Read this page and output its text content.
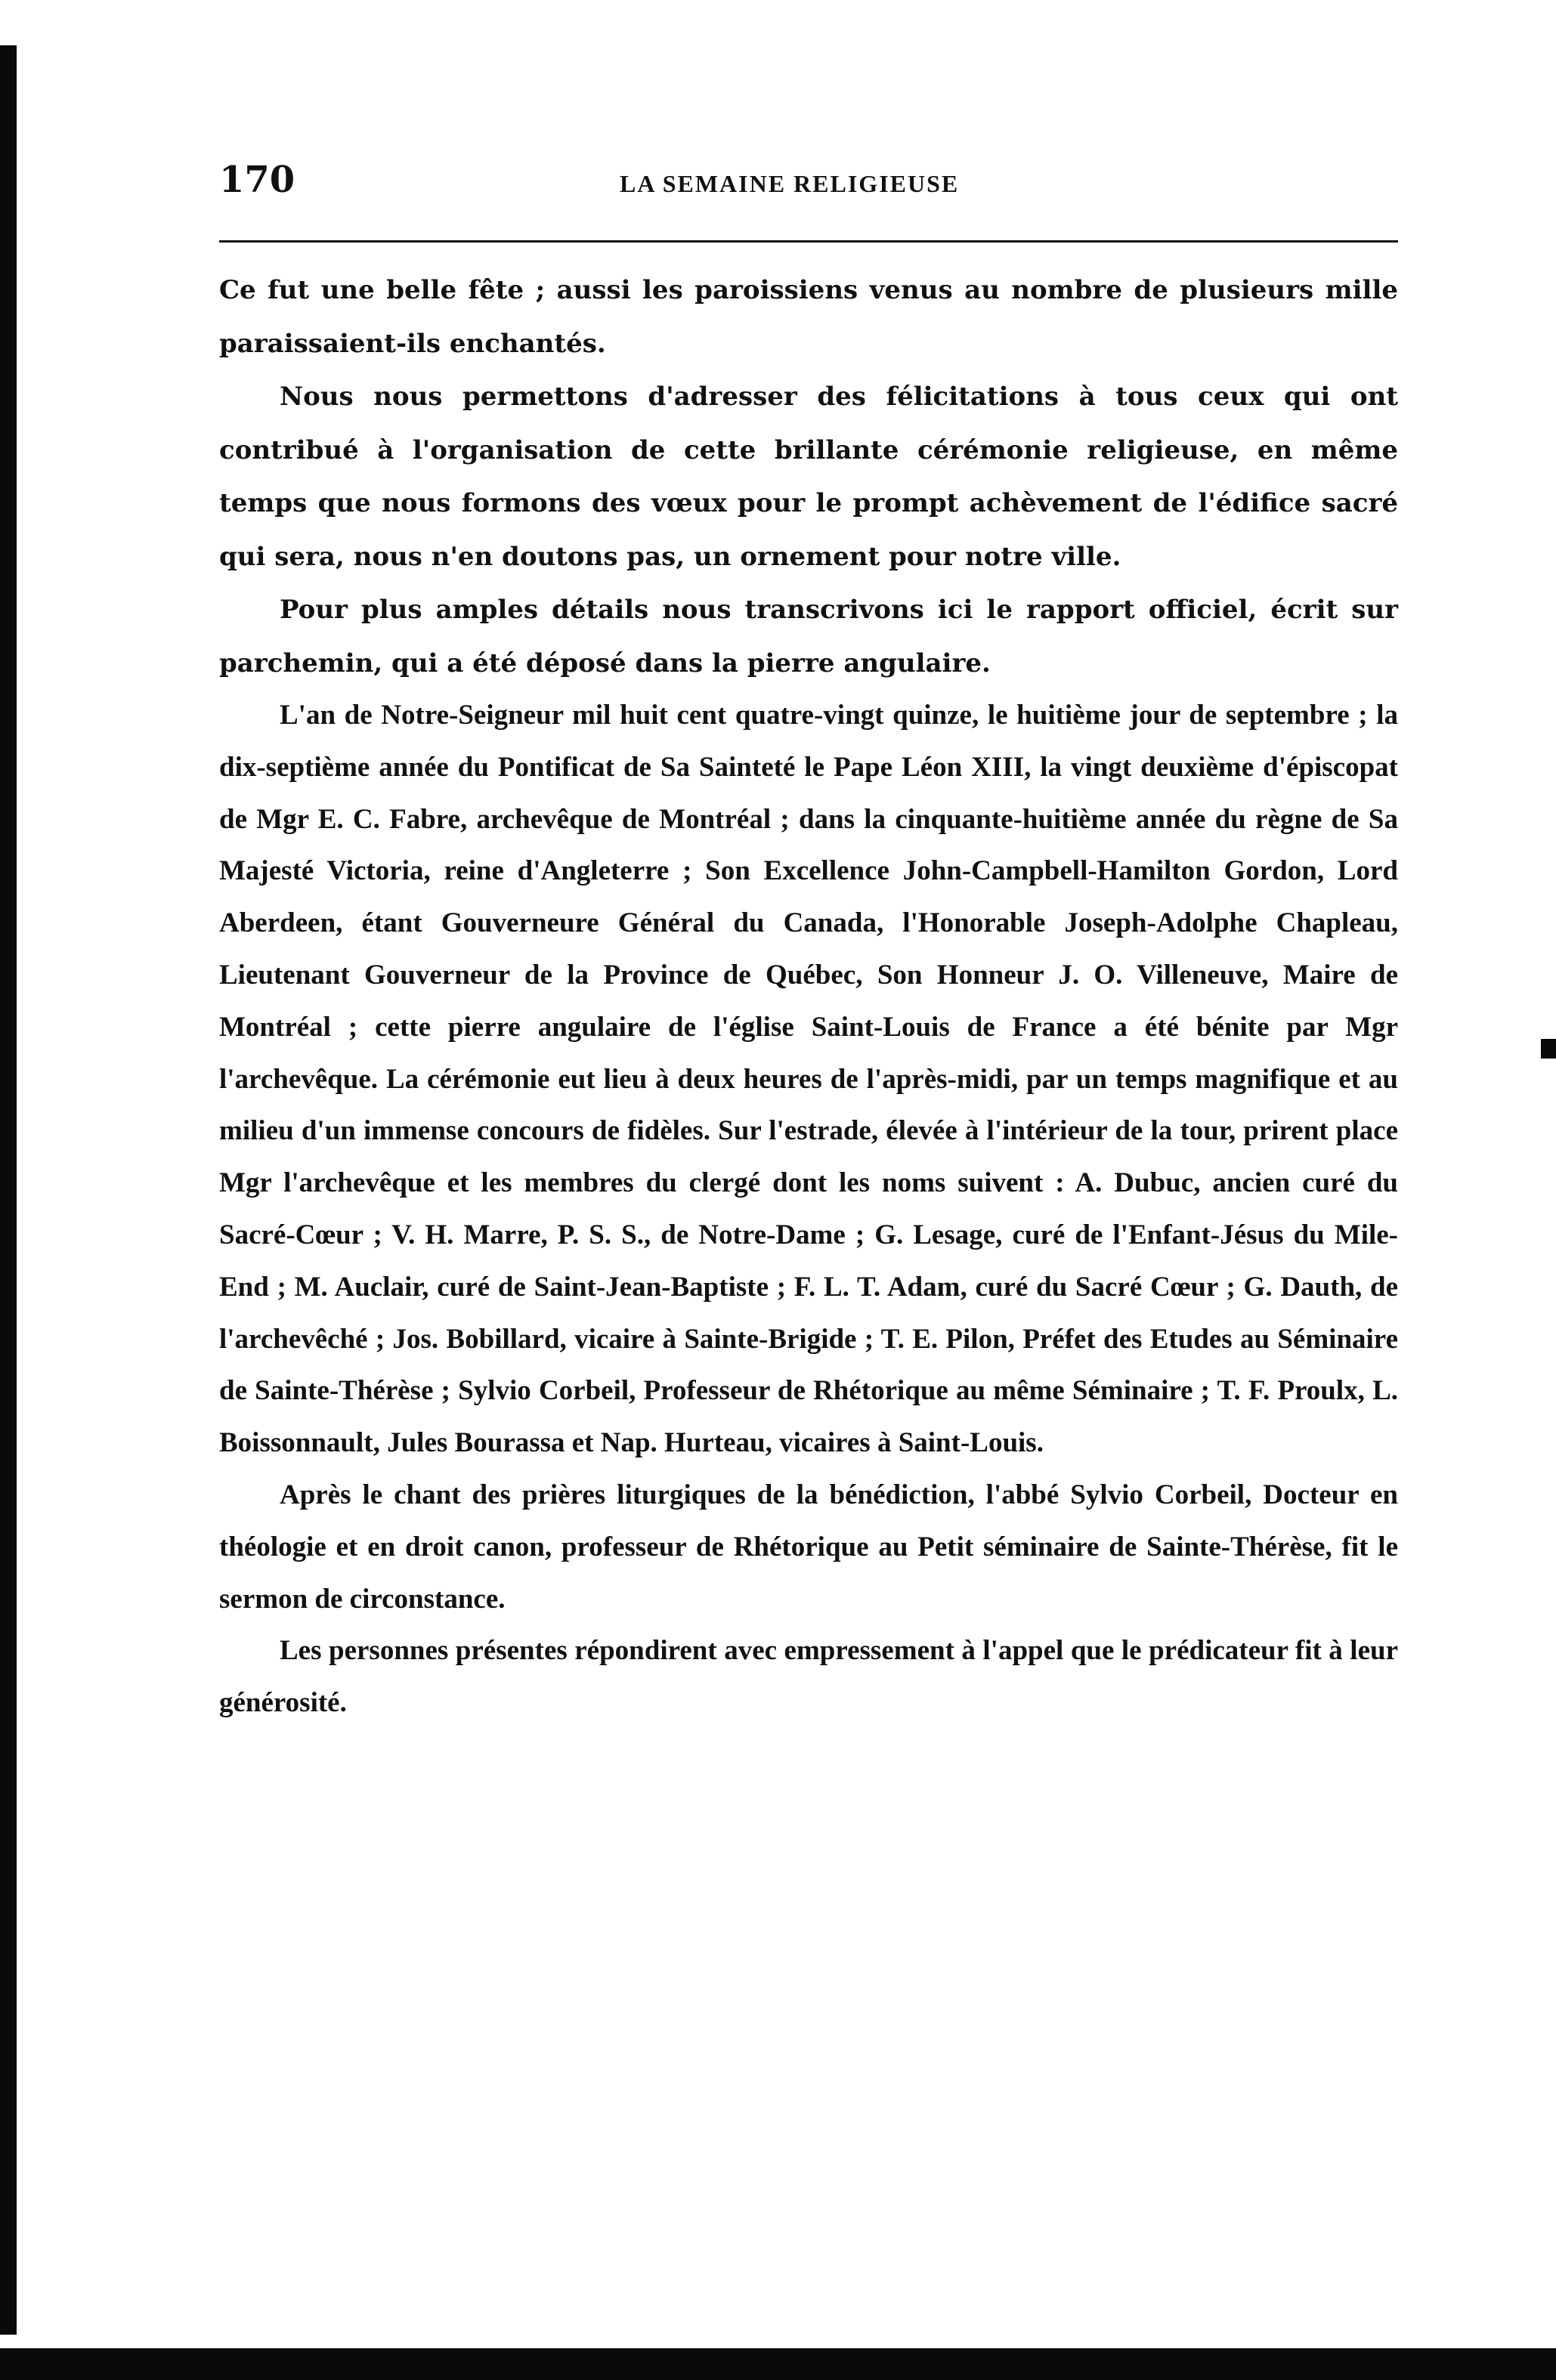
170	LA SEMAINE RELIGIEUSE

Ce fut une belle fête ; aussi les paroissiens venus au nombre de plusieurs mille paraissaient-ils enchantés.

Nous nous permettons d'adresser des félicitations à tous ceux qui ont contribué à l'organisation de cette brillante cérémonie religieuse, en même temps que nous formons des vœux pour le prompt achèvement de l'édifice sacré qui sera, nous n'en doutons pas, un ornement pour notre ville.

Pour plus amples détails nous transcrivons ici le rapport officiel, écrit sur parchemin, qui a été déposé dans la pierre angulaire.

L'an de Notre-Seigneur mil huit cent quatre-vingt quinze, le huitième jour de septembre ; la dix-septième année du Pontificat de Sa Sainteté le Pape Léon XIII, la vingt deuxième d'épiscopat de Mgr E. C. Fabre, archevêque de Montréal ; dans la cinquante-huitième année du règne de Sa Majesté Victoria, reine d'Angleterre ; Son Excellence John-Campbell-Hamilton Gordon, Lord Aberdeen, étant Gouverneure Général du Canada, l'Honorable Joseph-Adolphe Chapleau, Lieutenant Gouverneur de la Province de Québec, Son Honneur J. O. Villeneuve, Maire de Montréal ; cette pierre angulaire de l'église Saint-Louis de France a été bénite par Mgr l'archevêque. La cérémonie eut lieu à deux heures de l'après-midi, par un temps magnifique et au milieu d'un immense concours de fidèles. Sur l'estrade, élevée à l'intérieur de la tour, prirent place Mgr l'archevêque et les membres du clergé dont les noms suivent : A. Dubuc, ancien curé du Sacré-Cœur ; V. H. Marre, P. S. S., de Notre-Dame ; G. Lesage, curé de l'Enfant-Jésus du Mile-End ; M. Auclair, curé de Saint-Jean-Baptiste ; F. L. T. Adam, curé du Sacré Cœur ; G. Dauth, de l'archevêché ; Jos. Bobillard, vicaire à Sainte-Brigide ; T. E. Pilon, Préfet des Etudes au Séminaire de Sainte-Thérèse ; Sylvio Corbeil, Professeur de Rhétorique au même Séminaire ; T. F. Proulx, L. Boissonnault, Jules Bourassa et Nap. Hurteau, vicaires à Saint-Louis.

Après le chant des prières liturgiques de la bénédiction, l'abbé Sylvio Corbeil, Docteur en théologie et en droit canon, professeur de Rhétorique au Petit séminaire de Sainte-Thérèse, fit le sermon de circonstance.

Les personnes présentes répondirent avec empressement à l'appel que le prédicateur fit à leur générosité.
